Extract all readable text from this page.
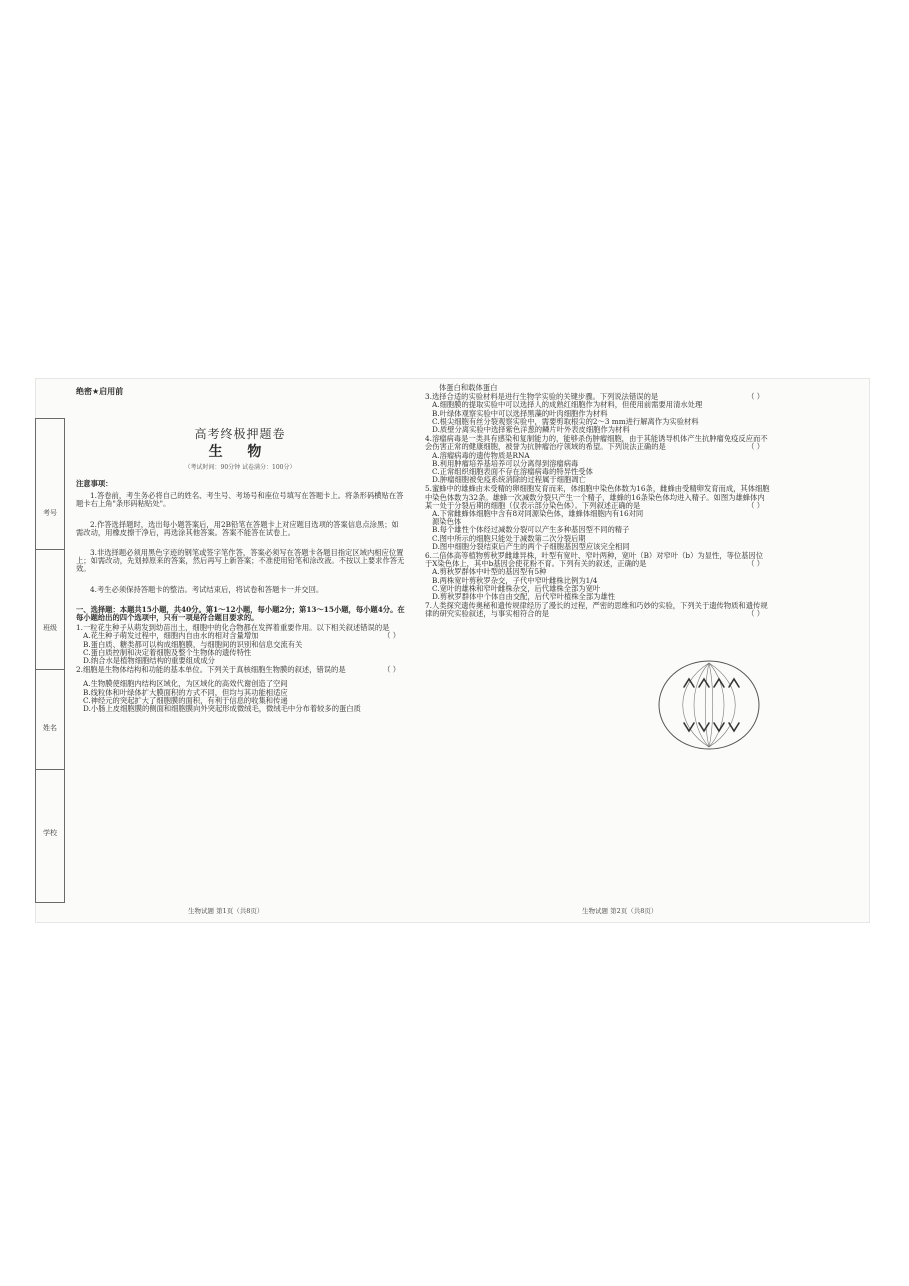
考号
班级
姓名
学校
绝密★启用前
高考终极押题卷
生 物
（考试时间：90分钟 试卷满分：100分）

注意事项：

1.答卷前，考生务必将自己的姓名、考生号、考场号和座位号填写在答题卡上。将条形码横贴在答题卡右上角"条形码粘贴处"。

2.作答选择题时，选出每小题答案后，用2B铅笔在答题卡上对应题目选项的答案信息点涂黑；如需改动，用橡皮擦干净后，再选涂其他答案。答案不能答在试卷上。

3.非选择题必须用黑色字迹的钢笔或签字笔作答，答案必须写在答题卡各题目指定区域内相应位置上；如需改动，先划掉原来的答案，然后再写上新答案；不准使用铅笔和涂改液。不按以上要求作答无效。

4.考生必须保持答题卡的整洁。考试结束后，将试卷和答题卡一并交回。

一、选择题：本题共15小题，共40分。第1～12小题，每小题2分；第13～15小题，每小题4分。在每小题给出的四个选项中，只有一项是符合题目要求的。

1.一粒花生种子从萌发到幼苗出土，细胞中的化合物都在发挥着重要作用。以下相关叙述错误的是
（ ）

A.花生种子萌发过程中，细胞内自由水的相对含量增加

B.蛋白质、糖类都可以构成细胞膜，与细胞间的识别和信息交流有关

C.蛋白质控制和决定着细胞及整个生物体的遗传特性

D.纳合水是植物细胞结构的重要组成成分

2.细胞是生物体结构和功能的基本单位。下列关于真核细胞生物膜的叙述，错误的是	（ ）

A.生物膜使细胞内结构区域化，为区域化的高效代谢创造了空间

B.线粒体和叶绿体扩大膜面积的方式不同，但均与其功能相适应

C.神经元的突起扩大了细胞膜的面积，有利于信息的收集和传递

D.小肠上皮细胞膜的侧面和细胞膜向外突起形成微绒毛，微绒毛中分布着较多的蛋白质

体蛋白和载体蛋白

3.选择合适的实验材料是进行生物学实验的关键步骤。下列说法错误的是	（ ）

A.细胞膜的提取实验中可以选择人的成熟红细胞作为材料，但使用前需要用清水处理

B.叶绿体观察实验中可以选择黑藻的叶肉细胞作为材料

C.根尖细胞有丝分裂观察实验中，需要剪取根尖的2～3 mm进行解离作为实验材料

D.质壁分离实验中选择紫色洋葱的鳞片叶外表皮细胞作为材料

4.溶瘤病毒是一类具有感染和复制能力的，能够杀伤肿瘤细胞，由于其能诱导机体产生抗肿瘤免疫反应而不会伤害正常的健康细胞，被誉为抗肿瘤治疗领域的希望。下列说法正确的是	（ ）

A.溶瘤病毒的遗传物质是RNA

B.利用肿瘤培养基培养可以分离得到溶瘤病毒

C.正常组织细胞表面不存在溶瘤病毒的特异性受体

D.肿瘤细胞被免疫系统消除的过程属于细胞凋亡

5.蜜蜂中的雄蜂由未受精的卵细胞发育而来，体细胞中染色体数为16条，雌蜂由受精卵发育而成，其体细胞中染色体数为32条。雄蜂一次减数分裂只产生一个精子，雄蜂的16条染色体均进入精子。如图为雄蜂体内某一处于分裂后期的细胞（仅表示部分染色体）。下列叙述正确的是	（ ）

A.下常雌蜂体细胞中含有8对同源染色体，雄蜂体细胞内有16对同源染色体

B.每个雄性个体经过减数分裂可以产生多种基因型不同的精子

C.图中所示的细胞只能处于减数第二次分裂后期

D.图中细胞分裂结束后产生的两个子细胞基因型应该完全相同

6.二倍体高等植物剪秋罗雌雄异株，叶型有宽叶、窄叶两种，宽叶（B）对窄叶（b）为显性，等位基因位于X染色体上，其中b基因会使花粉不育。下列有关的叙述，正确的是	（ ）

A.剪秋罗群体中叶型的基因型有5种

B.两株宽叶剪秋罗杂交，子代中窄叶雌株比例为1/4

C.宽叶的雄株和窄叶雌株杂交，后代雄株全部为宽叶

D.剪秋罗群体中个体自由交配，后代窄叶植株全部为雄性

7.人类探究遗传奥秘和遗传规律经历了漫长的过程，严密的思维和巧妙的实验，下列关于遗传物质和遗传规律的研究实验叙述，与事实相符合的是	（ ）

生物试题 第1页（共8页）	生物试题 第2页（共8页）
